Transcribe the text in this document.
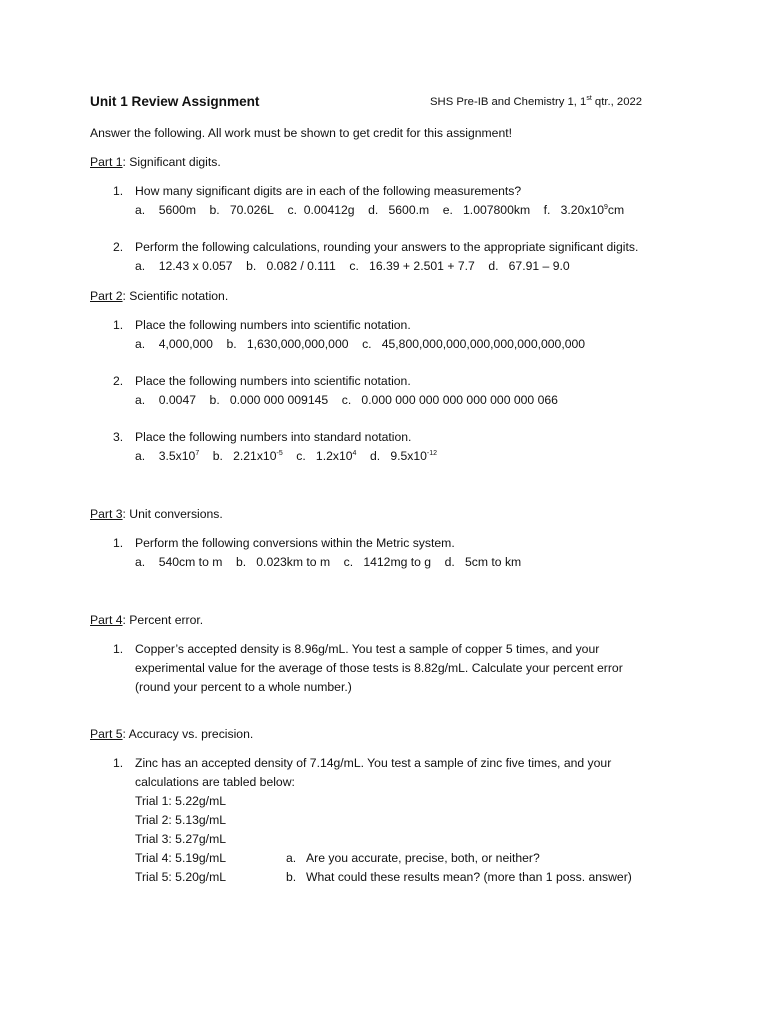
Unit 1 Review Assignment	SHS Pre-IB and Chemistry 1, 1st qtr., 2022
Answer the following. All work must be shown to get credit for this assignment!
Part 1: Significant digits.
1. How many significant digits are in each of the following measurements?
a. 5600m b. 70.026L c. 0.00412g d. 5600.m e. 1.007800km f. $3.20x10^9cm$
2. Perform the following calculations, rounding your answers to the appropriate significant digits.
a. 12.43 x 0.057 b. 0.082 / 0.111 c. 16.39 + 2.501 + 7.7 d. 67.91 – 9.0
Part 2: Scientific notation.
1. Place the following numbers into scientific notation.
a. 4,000,000 b. 1,630,000,000,000 c. 45,800,000,000,000,000,000,000,000
2. Place the following numbers into scientific notation.
a. 0.0047 b. 0.000 000 009145 c. 0.000 000 000 000 000 000 000 066
3. Place the following numbers into standard notation.
a. $3.5x10^7$ b. $2.21x10^{-5}$ c. $1.2x10^4$ d. $9.5x10^{-12}$
Part 3: Unit conversions.
1. Perform the following conversions within the Metric system.
a. 540cm to m b. 0.023km to m c. 1412mg to g d. 5cm to km
Part 4: Percent error.
1. Copper’s accepted density is 8.96g/mL. You test a sample of copper 5 times, and your
experimental value for the average of those tests is 8.82g/mL. Calculate your percent error
(round your percent to a whole number.)
Part 5: Accuracy vs. precision.
1. Zinc has an accepted density of 7.14g/mL. You test a sample of zinc five times, and your
calculations are tabled below:
Trial 1: 5.22g/mL
Trial 2: 5.13g/mL
Trial 3: 5.27g/mL
Trial 4: 5.19g/mL
Trial 5: 5.20g/mL
a. Are you accurate, precise, both, or neither?
b. What could these results mean? (more than 1 poss. answer)
